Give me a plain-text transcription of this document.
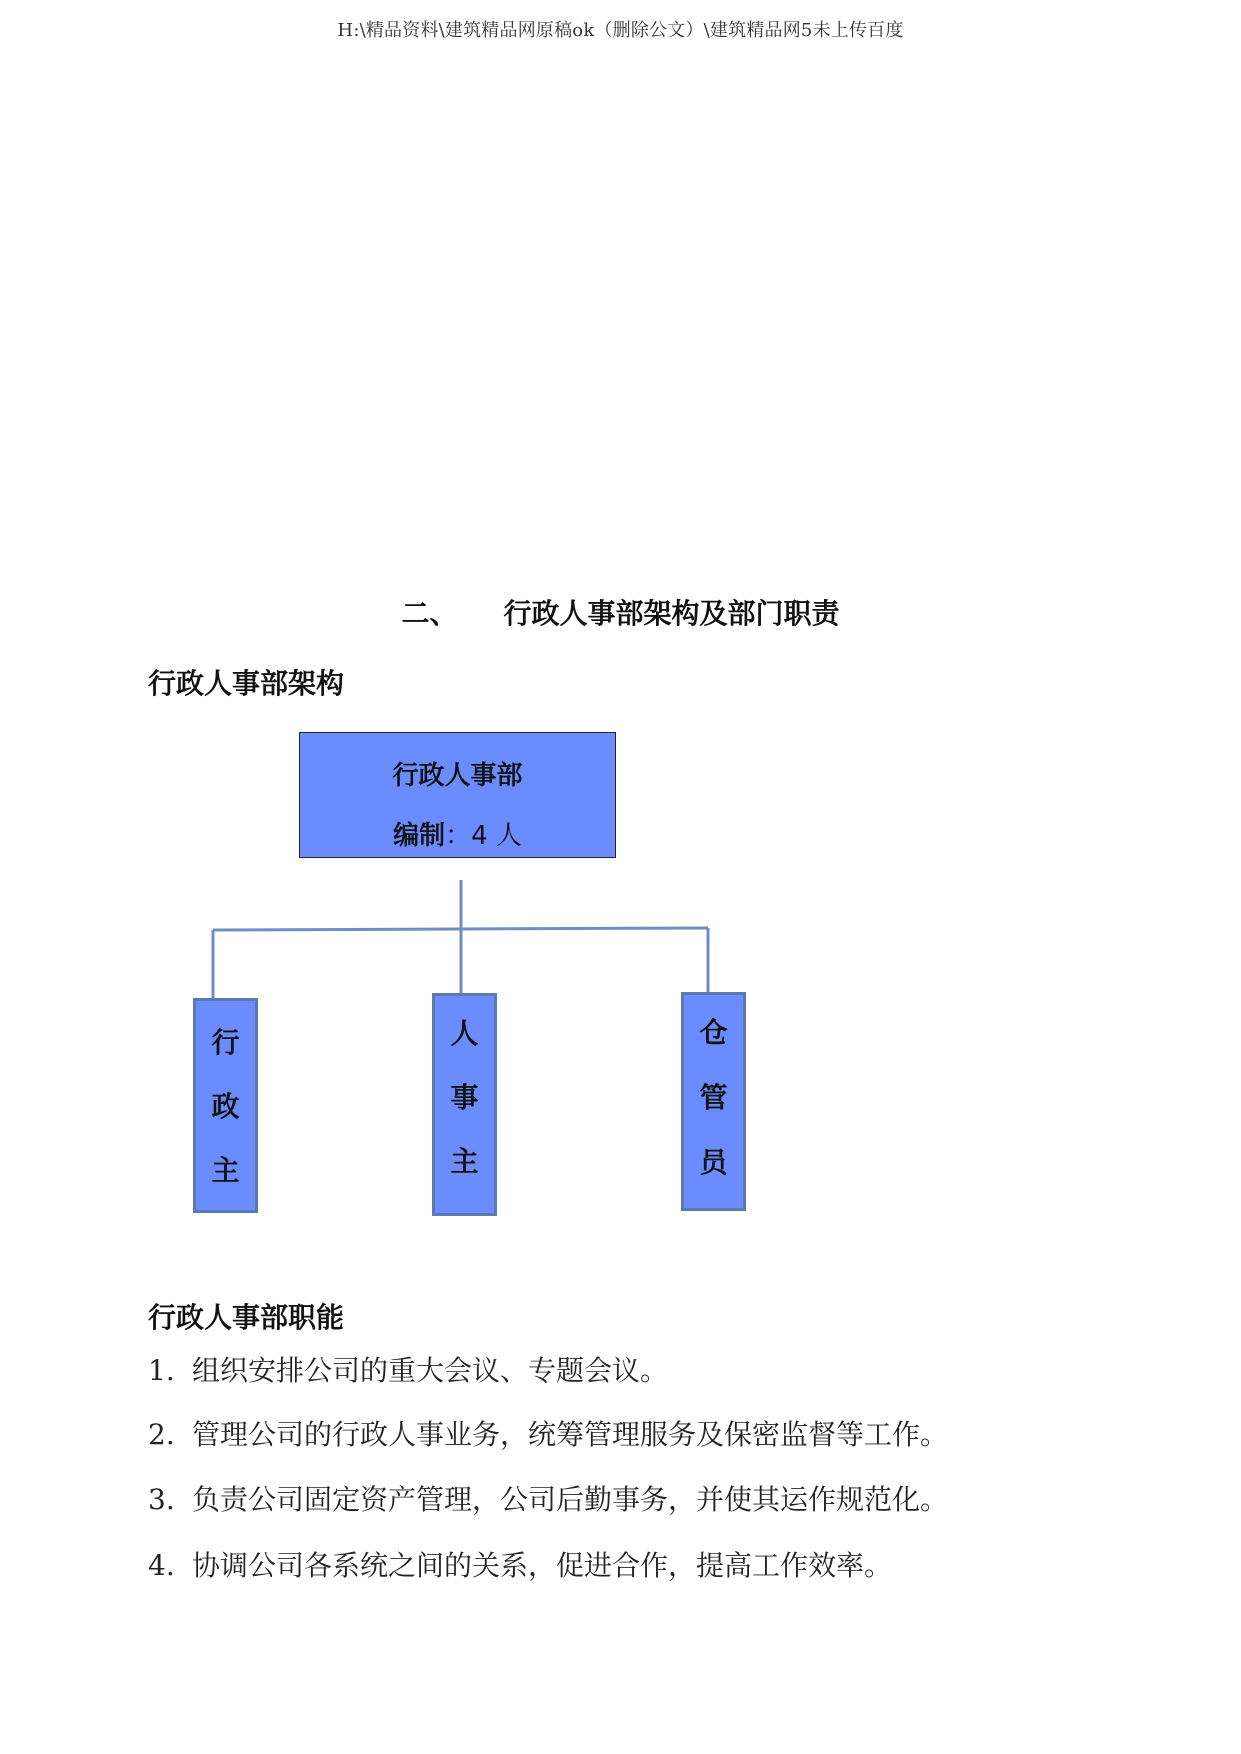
H:\精品资料\建筑精品网原稿ok（删除公文）\建筑精品网5未上传百度
二、 行政人事部架构及部门职责
行政人事部架构
行政人事部
编制：4 人
行
政
主
人
事
主
仓
管
员
行政人事部职能
1. 组织安排公司的重大会议、专题会议。
2. 管理公司的行政人事业务，统筹管理服务及保密监督等工作。
3. 负责公司固定资产管理，公司后勤事务，并使其运作规范化。
4. 协调公司各系统之间的关系，促进合作，提高工作效率。
